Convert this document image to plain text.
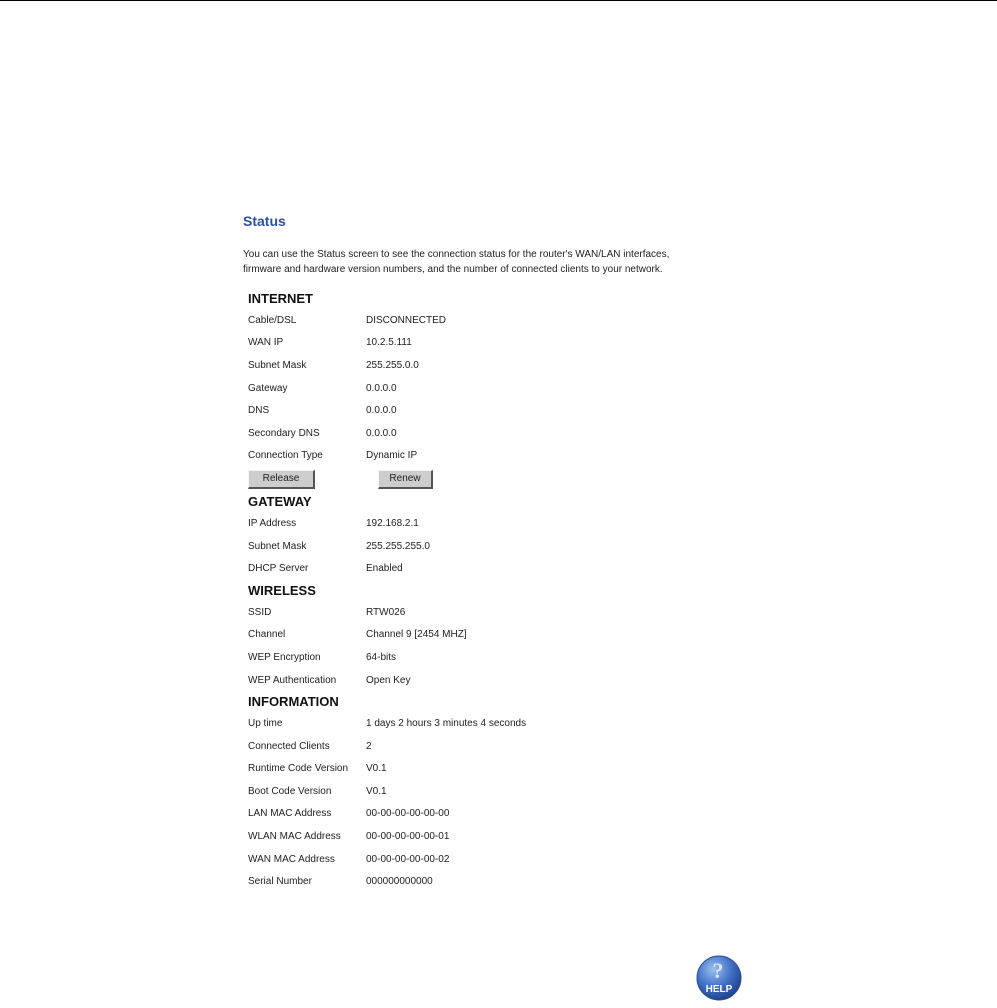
Status
You can use the Status screen to see the connection status for the router's WAN/LAN interfaces,
firmware and hardware version numbers, and the number of connected clients to your network.
INTERNET
Cable/DSL	DISCONNECTED
WAN IP	10.2.5.111
Subnet Mask	255.255.0.0
Gateway	0.0.0.0
DNS	0.0.0.0
Secondary DNS	0.0.0.0
Connection Type	Dynamic IP
Release	Renew
GATEWAY
IP Address	192.168.2.1
Subnet Mask	255.255.255.0
DHCP Server	Enabled
WIRELESS
SSID	RTW026
Channel	Channel 9 [2454 MHZ]
WEP Encryption	64-bits
WEP Authentication	Open Key
INFORMATION
Up time	1 days 2 hours 3 minutes 4 seconds
Connected Clients	2
Runtime Code Version	V0.1
Boot Code Version	V0.1
LAN MAC Address	00-00-00-00-00-00
WLAN MAC Address	00-00-00-00-00-01
WAN MAC Address	00-00-00-00-00-02
Serial Number	000000000000
?
HELP
